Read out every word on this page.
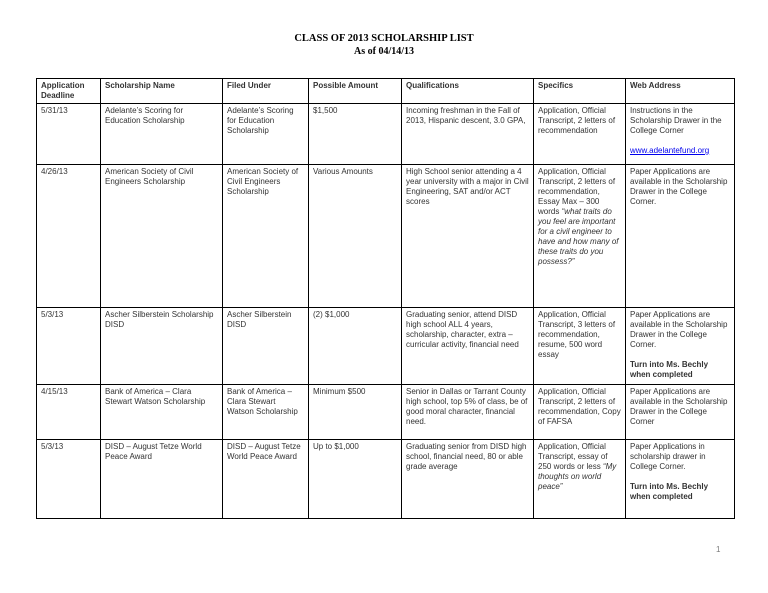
CLASS OF 2013 SCHOLARSHIP LIST
As of 04/14/13
Application Deadline	Scholarship Name	Filed Under	Possible Amount	Qualifications	Specifics	Web Address
5/31/13	Adelante’s Scoring for Education Scholarship	Adelante’s Scoring for Education Scholarship	$1,500	Incoming freshman in the Fall of 2013, Hispanic descent, 3.0 GPA,	Application, Official Transcript, 2 letters of recommendation	Instructions in the Scholarship Drawer in the College Corner
www.adelantefund.org
4/26/13	American Society of Civil Engineers Scholarship	American Society of Civil Engineers Scholarship	Various Amounts	High School senior attending a 4 year university with a major in Civil Engineering, SAT and/or ACT scores	Application, Official Transcript, 2 letters of recommendation, Essay Max – 300 words “what traits do you feel are important for a civil engineer to have and how many of these traits do you possess?”	Paper Applications are available in the Scholarship Drawer in the College Corner.

5/3/13	Ascher Silberstein Scholarship DISD	Ascher Silberstein DISD	(2) $1,000	Graduating senior, attend DISD high school ALL 4 years, scholarship, character, extra – curricular activity, financial need	Application, Official Transcript, 3 letters of recommendation, resume, 500 word essay	Paper Applications are available in the Scholarship Drawer in the College Corner.
Turn into Ms. Bechly when completed

4/15/13	Bank of America – Clara Stewart Watson Scholarship	Bank of America – Clara Stewart Watson Scholarship	Minimum $500	Senior in Dallas or Tarrant County high school, top 5% of class, be of good moral character, financial need.	Application, Official Transcript, 2 letters of recommendation, Copy of FAFSA	Paper Applications are available in the Scholarship Drawer in the College Corner

5/3/13	DISD – August Tetze World Peace Award	DISD – August Tetze World Peace Award	Up to $1,000	Graduating senior from DISD high school, financial need, 80 or able grade average	Application, Official Transcript, essay of 250 words or less “My thoughts on world peace”	Paper Applications in scholarship drawer in College Corner.
Turn into Ms. Bechly when completed
1
